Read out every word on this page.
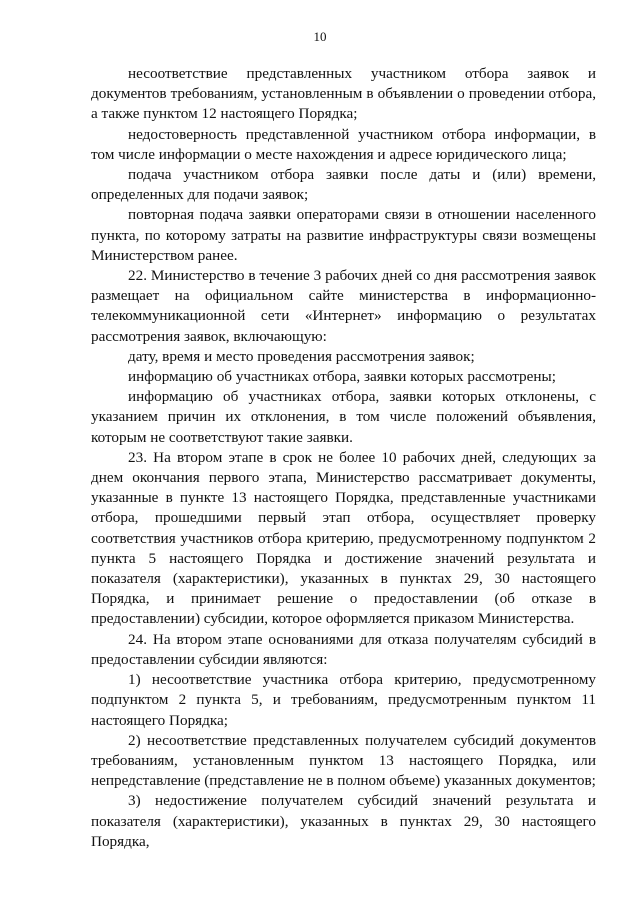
10

несоответствие представленных участником отбора заявок и документов требованиям, установленным в объявлении о проведении отбора, а также пунктом 12 настоящего Порядка;

недостоверность представленной участником отбора информации, в том числе информации о месте нахождения и адресе юридического лица;

подача участником отбора заявки после даты и (или) времени, определенных для подачи заявок;

повторная подача заявки операторами связи в отношении населенного пункта, по которому затраты на развитие инфраструктуры связи возмещены Министерством ранее.

22. Министерство в течение 3 рабочих дней со дня рассмотрения заявок размещает на официальном сайте министерства в информационно-телекоммуникационной сети «Интернет» информацию о результатах рассмотрения заявок, включающую:

дату, время и место проведения рассмотрения заявок;

информацию об участниках отбора, заявки которых рассмотрены;

информацию об участниках отбора, заявки которых отклонены, с указанием причин их отклонения, в том числе положений объявления, которым не соответствуют такие заявки.

23. На втором этапе в срок не более 10 рабочих дней, следующих за днем окончания первого этапа, Министерство рассматривает документы, указанные в пункте 13 настоящего Порядка, представленные участниками отбора, прошедшими первый этап отбора, осуществляет проверку соответствия участников отбора критерию, предусмотренному подпунктом 2 пункта 5 настоящего Порядка и достижение значений результата и показателя (характеристики), указанных в пунктах 29, 30 настоящего Порядка, и принимает решение о предоставлении (об отказе в предоставлении) субсидии, которое оформляется приказом Министерства.

24. На втором этапе основаниями для отказа получателям субсидий в предоставлении субсидии являются:

1) несоответствие участника отбора критерию, предусмотренному подпунктом 2 пункта 5, и требованиям, предусмотренным пунктом 11 настоящего Порядка;

2) несоответствие представленных получателем субсидий документов требованиям, установленным пунктом 13 настоящего Порядка, или непредставление (представление не в полном объеме) указанных документов;

3) недостижение получателем субсидий значений результата и показателя (характеристики), указанных в пунктах 29, 30 настоящего Порядка,
